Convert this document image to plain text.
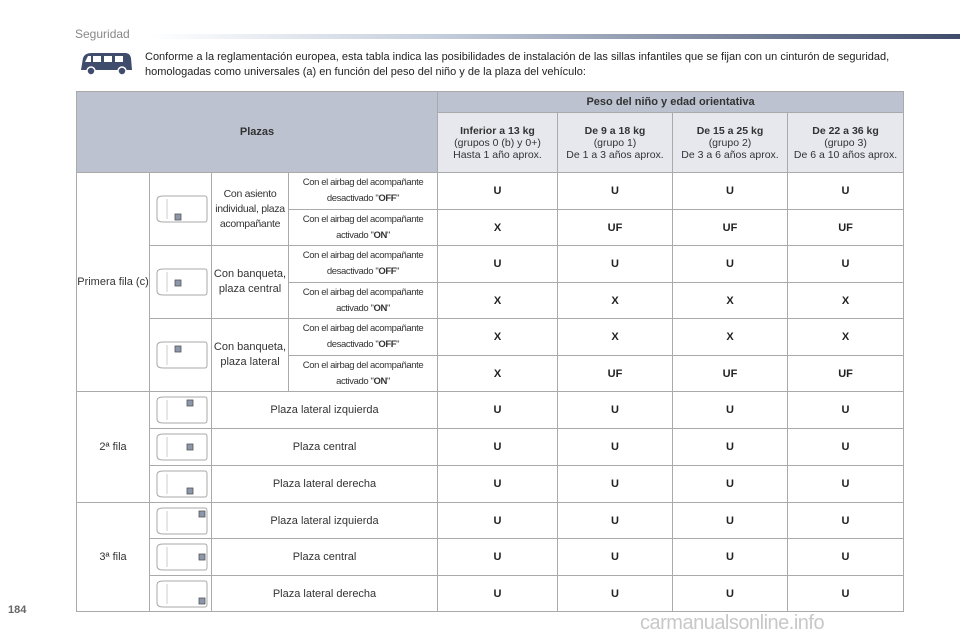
Seguridad
Conforme a la reglamentación europea, esta tabla indica las posibilidades de instalación de las sillas infantiles que se fijan con un cinturón de seguridad, homologadas como universales (a) en función del peso del niño y de la plaza del vehículo:
Plazas				Peso del niño y edad orientativa			

				Inferior a 13 kg
(grupos 0 (b) y 0+)
Hasta 1 año aprox.	De 9 a 18 kg
(grupo 1)
De 1 a 3 años aprox.	De 15 a 25 kg
(grupo 2)
De 3 a 6 años aprox.	De 22 a 36 kg
(grupo 3)
De 6 a 10 años aprox.
Primera fila (c)		Con asiento individual, plaza acompañante	Con el airbag del acompañante desactivado "OFF"	U	U	U	U
			Con el airbag del acompañante activado "ON"	X	UF	UF	UF

	Con banqueta, plaza central	Con el airbag del acompañante desactivado "OFF"	U	U	U	U
			Con el airbag del acompañante activado "ON"	X	X	X	X

	Con banqueta, plaza lateral	Con el airbag del acompañante desactivado "OFF"	X	X	X	X
			Con el airbag del acompañante activado "ON"	X	UF	UF	UF
2ª fila		Plaza lateral izquierda		U	U	U	U

	Plaza central		U	U	U	U

	Plaza lateral derecha		U	U	U	U
3ª fila		Plaza lateral izquierda		U	U	U	U

	Plaza central		U	U	U	U

	Plaza lateral derecha		U	U	U	U
184
carmanualsonline.info
